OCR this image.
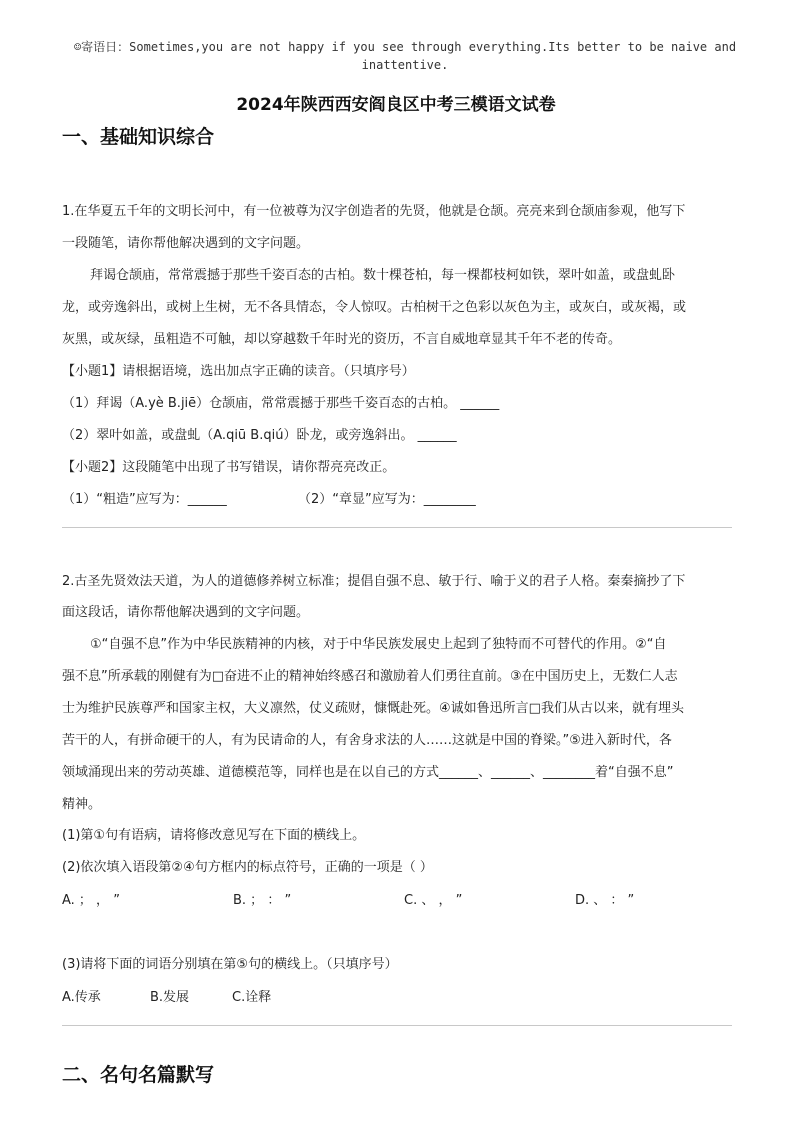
☺寄语日：Sometimes,you are not happy if you see through everything.Its better to be naive and inattentive.
2024年陕西西安阎良区中考三模语文试卷
一、基础知识综合
1.在华夏五千年的文明长河中，有一位被尊为汉字创造者的先贤，他就是仓颉。亮亮来到仓颉庙参观，他写下
一段随笔，请你帮他解决遇到的文字问题。
拜谒仓颉庙，常常震撼于那些千姿百态的古柏。数十棵苍柏，每一棵都枝柯如铁，翠叶如盖，或盘虬卧
龙，或旁逸斜出，或树上生树，无不各具情态，令人惊叹。古柏树干之色彩以灰色为主，或灰白，或灰褐，或
灰黑，或灰绿，虽粗造不可触，却以穿越数千年时光的资历，不言自威地章显其千年不老的传奇。
【小题1】请根据语境，选出加点字正确的读音。（只填序号）
（1）拜谒（A.yè B.jiē）仓颉庙，常常震撼于那些千姿百态的古柏。 ______
（2）翠叶如盖，或盘虬（A.qiū B.qiú）卧龙，或旁逸斜出。 ______
【小题2】这段随笔中出现了书写错误，请你帮亮亮改正。
（1）“粗造”应写为：______	（2）“章显”应写为：________
2.古圣先贤效法天道，为人的道德修养树立标准；提倡自强不息、敏于行、喻于义的君子人格。秦秦摘抄了下
面这段话，请你帮他解决遇到的文字问题。
①“自强不息”作为中华民族精神的内核，对于中华民族发展史上起到了独特而不可替代的作用。②“自
强不息”所承载的刚健有为□奋进不止的精神始终感召和激励着人们勇往直前。③在中国历史上，无数仁人志
士为维护民族尊严和国家主权，大义凛然，仗义疏财，慷慨赴死。④诚如鲁迅所言□我们从古以来，就有埋头
苦干的人，有拼命硬干的人，有为民请命的人，有舍身求法的人……这就是中国的脊梁。”⑤进入新时代，各
领域涌现出来的劳动英雄、道德模范等，同样也是在以自己的方式______、______、________着“自强不息”
精神。
(1)第①句有语病，请将修改意见写在下面的横线上。
(2)依次填入语段第②④句方框内的标点符号，正确的一项是（ ）
A. ； ， ”	B. ； ： ”	C. 、 ， ”	D. 、 ： ”
(3)请将下面的词语分别填在第⑤句的横线上。（只填序号）
A.传承	B.发展	C.诠释
二、名句名篇默写
